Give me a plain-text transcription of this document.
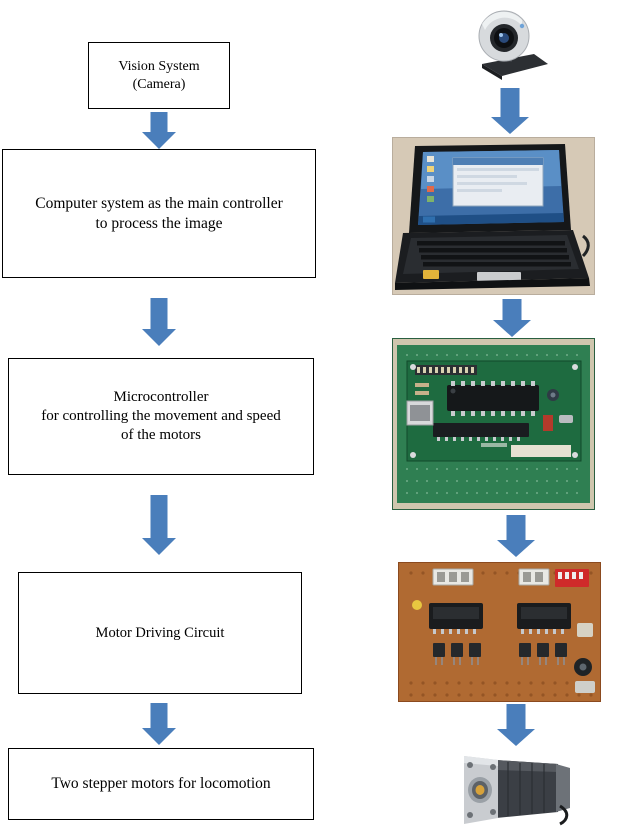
Vision System
(Camera)
Computer system as the main controller
to process the image
Microcontroller
for controlling the movement and speed
of the motors
Motor Driving Circuit
Two stepper motors for locomotion
